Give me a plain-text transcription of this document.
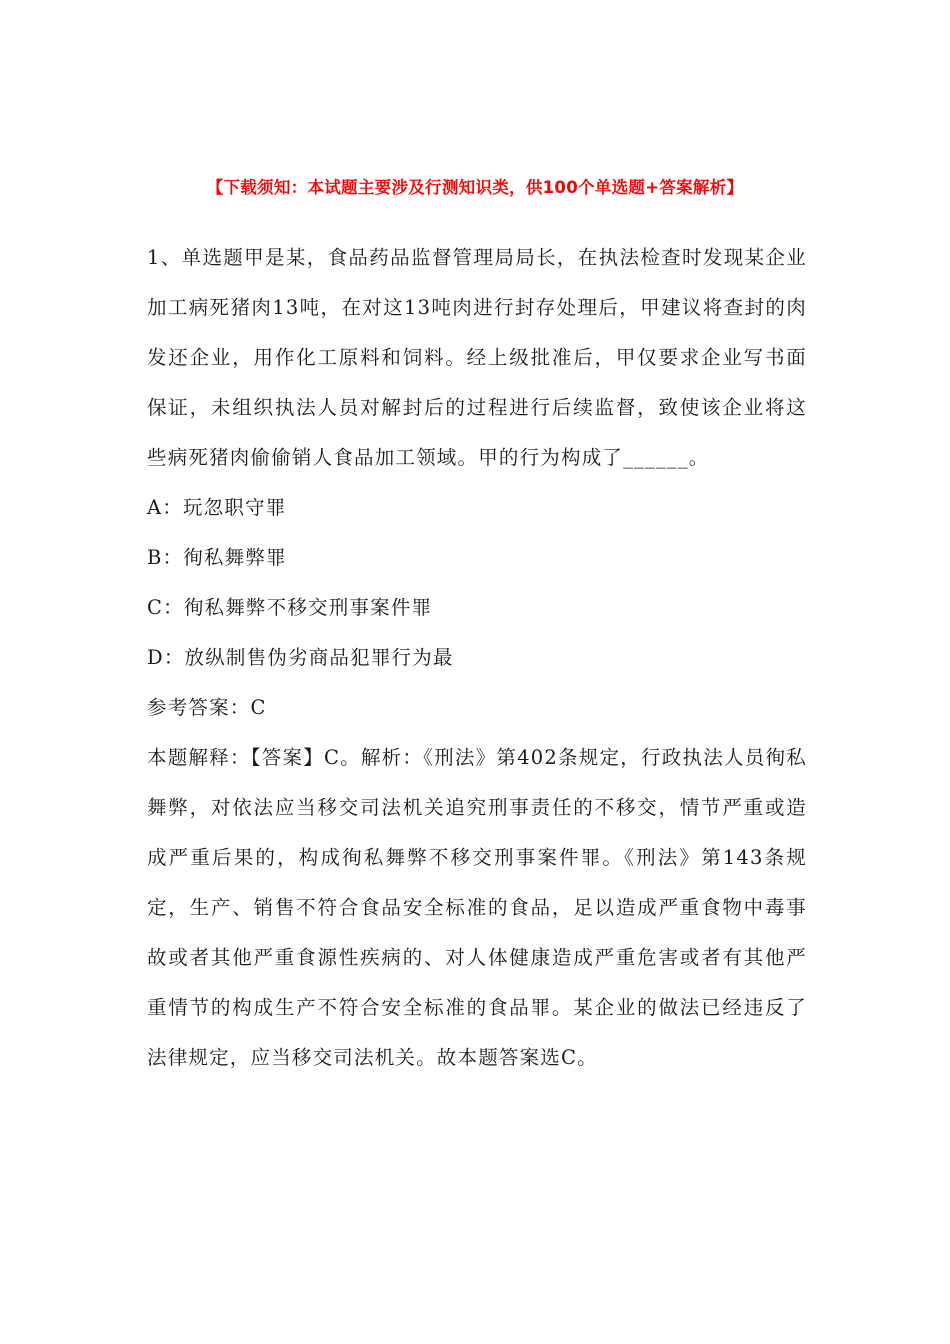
【下载须知：本试题主要涉及行测知识类，供100个单选题+答案解析】

1、单选题甲是某，食品药品监督管理局局长，在执法检查时发现某企业加工病死猪肉13吨，在对这13吨肉进行封存处理后，甲建议将查封的肉发还企业，用作化工原料和饲料。经上级批准后，甲仅要求企业写书面保证，未组织执法人员对解封后的过程进行后续监督，致使该企业将这些病死猪肉偷偷销人食品加工领域。甲的行为构成了______。

A：玩忽职守罪

B：徇私舞弊罪

C：徇私舞弊不移交刑事案件罪

D：放纵制售伪劣商品犯罪行为最

参考答案：C

本题解释：【答案】C。解析：《刑法》第402条规定，行政执法人员徇私舞弊，对依法应当移交司法机关追究刑事责任的不移交，情节严重或造成严重后果的，构成徇私舞弊不移交刑事案件罪。《刑法》第143条规定，生产、销售不符合食品安全标准的食品，足以造成严重食物中毒事故或者其他严重食源性疾病的、对人体健康造成严重危害或者有其他严重情节的构成生产不符合安全标准的食品罪。某企业的做法已经违反了法律规定，应当移交司法机关。故本题答案选C。
